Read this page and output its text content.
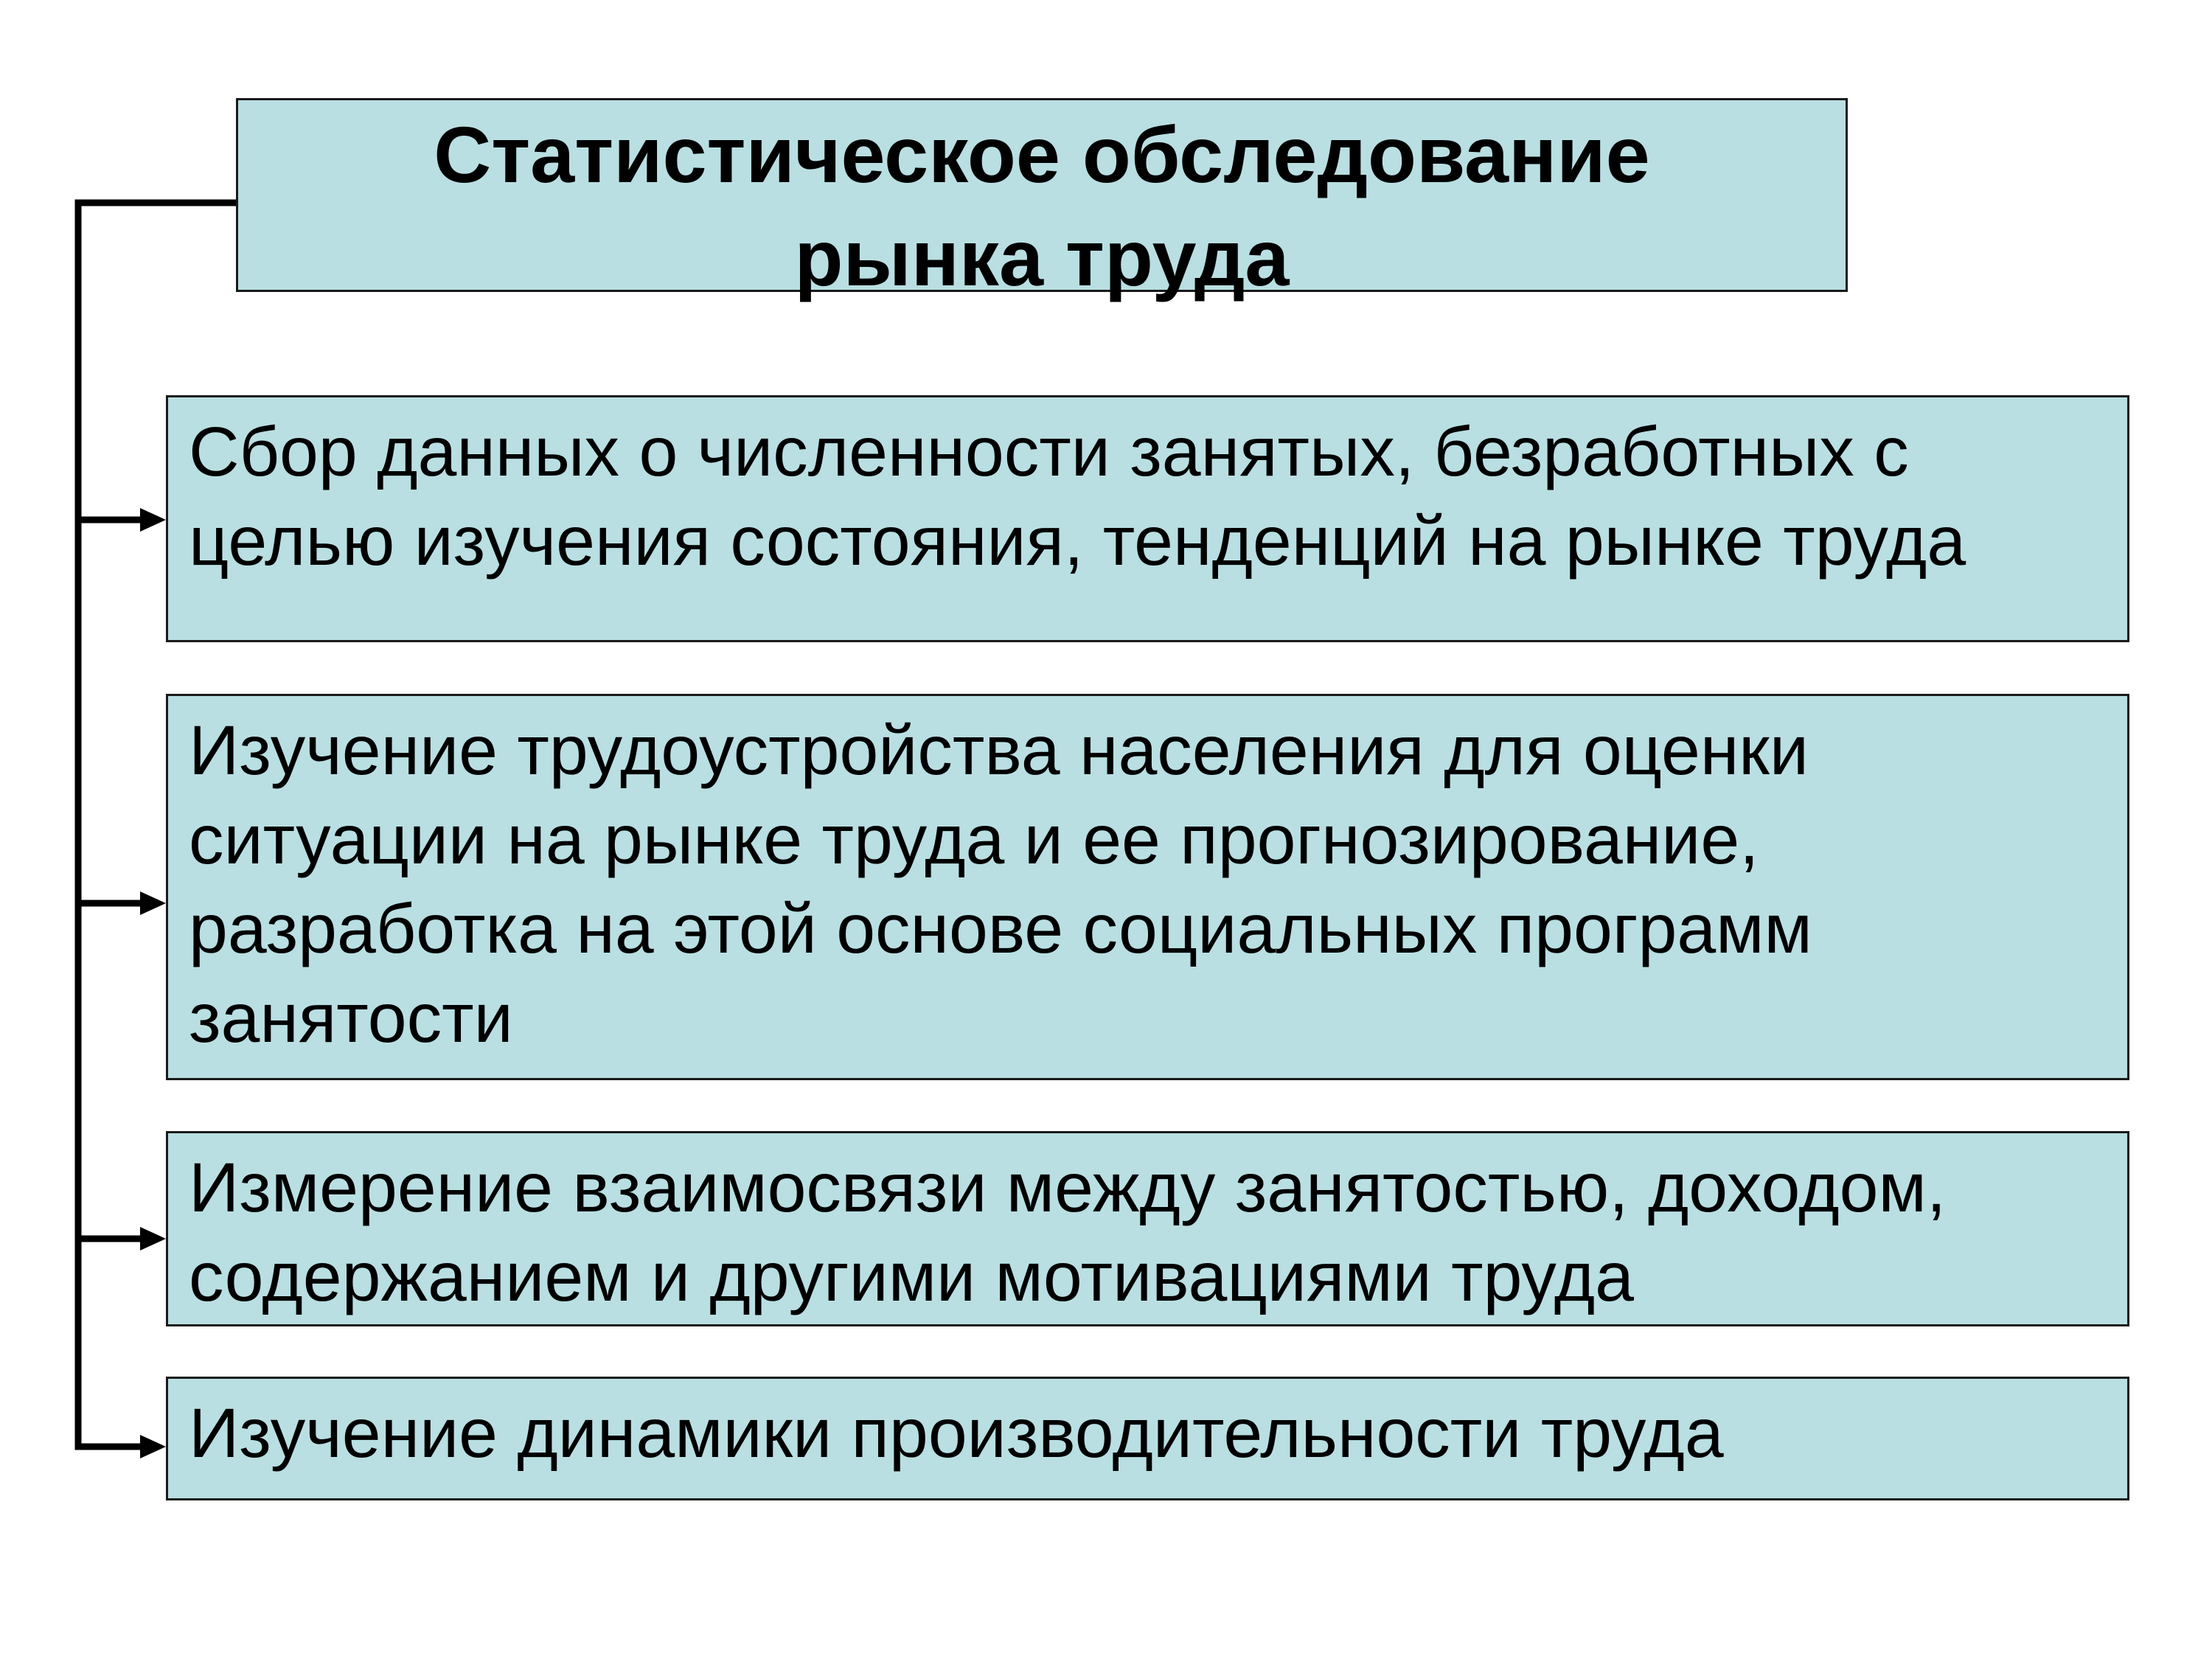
Статистическое обследование
рынка труда
Сбор данных о численности занятых, безработных с
целью изучения состояния, тенденций на рынке труда
Изучение трудоустройства населения для оценки
ситуации на рынке труда и ее прогнозирование,
разработка на этой основе социальных программ
занятости
Измерение взаимосвязи между занятостью, доходом,
содержанием и другими мотивациями труда
Изучение динамики производительности труда
